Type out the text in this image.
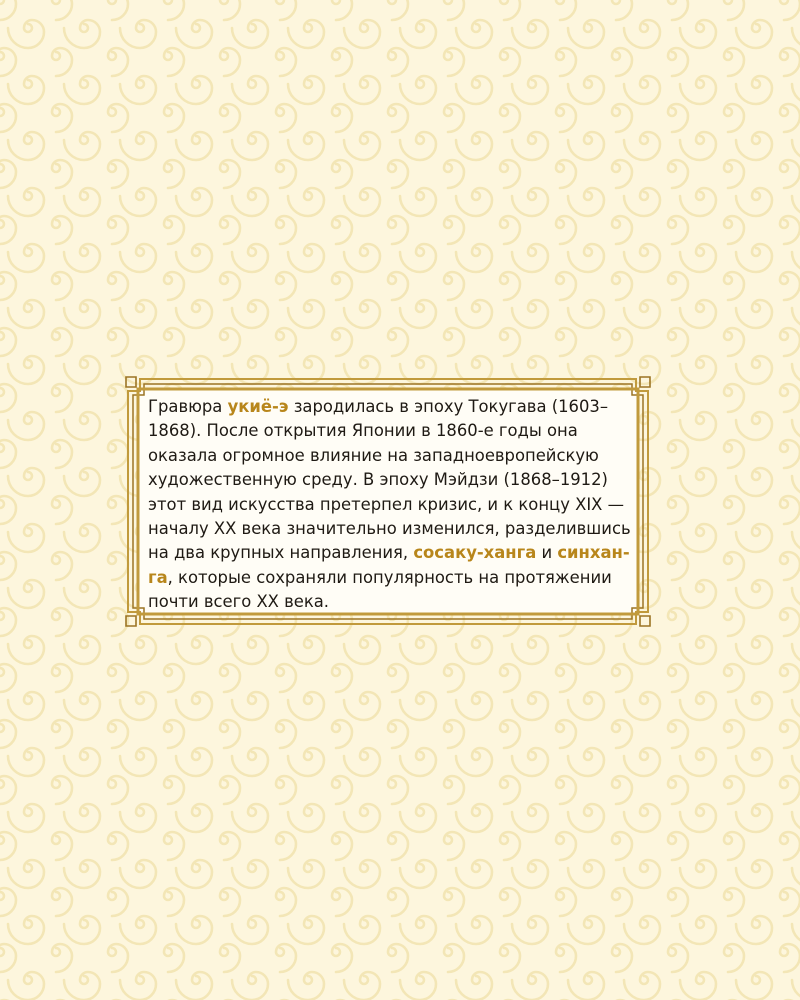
Гравюра укиё-э зародилась в эпоху Токугава (1603–
1868). После открытия Японии в 1860-е годы она
оказала огромное влияние на западноевропейскую
художественную среду. В эпоху Мэйдзи (1868–1912)
этот вид искусства претерпел кризис, и к концу XIX —
началу XX века значительно изменился, разделившись
на два крупных направления, сосаку-ханга и синхан-
га, которые сохраняли популярность на протяжении
почти всего XX века.
